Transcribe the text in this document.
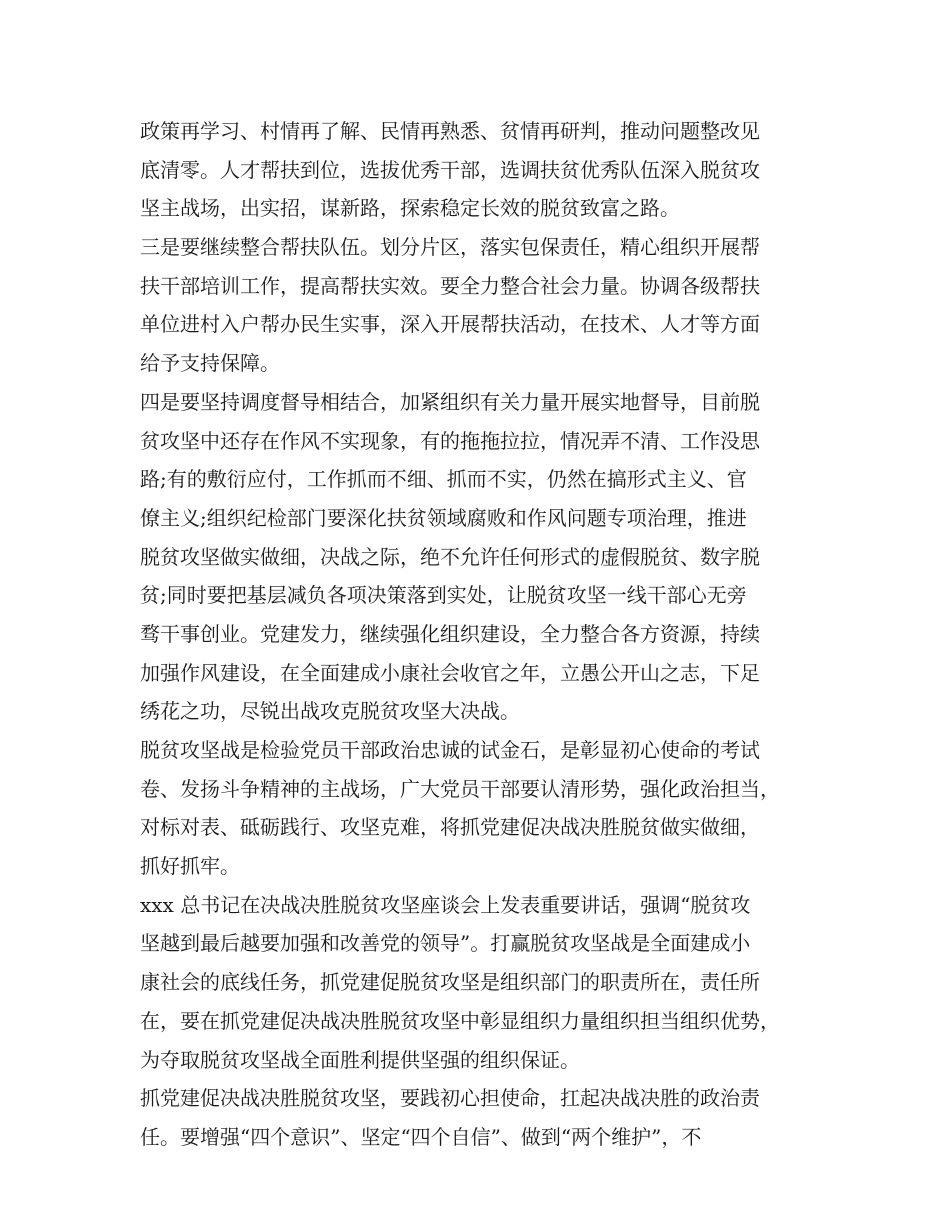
政策再学习、村情再了解、民情再熟悉、贫情再研判，推动问题整改见
底清零。人才帮扶到位，选拔优秀干部，选调扶贫优秀队伍深入脱贫攻
坚主战场，出实招，谋新路，探索稳定长效的脱贫致富之路。
三是要继续整合帮扶队伍。划分片区，落实包保责任，精心组织开展帮
扶干部培训工作，提高帮扶实效。要全力整合社会力量。协调各级帮扶
单位进村入户帮办民生实事，深入开展帮扶活动，在技术、人才等方面
给予支持保障。
四是要坚持调度督导相结合，加紧组织有关力量开展实地督导，目前脱
贫攻坚中还存在作风不实现象，有的拖拖拉拉，情况弄不清、工作没思
路;有的敷衍应付，工作抓而不细、抓而不实，仍然在搞形式主义、官
僚主义;组织纪检部门要深化扶贫领域腐败和作风问题专项治理，推进
脱贫攻坚做实做细，决战之际，绝不允许任何形式的虚假脱贫、数字脱
贫;同时要把基层减负各项决策落到实处，让脱贫攻坚一线干部心无旁
骛干事创业。党建发力，继续强化组织建设，全力整合各方资源，持续
加强作风建设，在全面建成小康社会收官之年，立愚公开山之志，下足
绣花之功，尽锐出战攻克脱贫攻坚大决战。
脱贫攻坚战是检验党员干部政治忠诚的试金石，是彰显初心使命的考试
卷、发扬斗争精神的主战场，广大党员干部要认清形势，强化政治担当，
对标对表、砥砺践行、攻坚克难，将抓党建促决战决胜脱贫做实做细，
抓好抓牢。
xxx 总书记在决战决胜脱贫攻坚座谈会上发表重要讲话，强调“脱贫攻
坚越到最后越要加强和改善党的领导”。打赢脱贫攻坚战是全面建成小
康社会的底线任务，抓党建促脱贫攻坚是组织部门的职责所在，责任所
在，要在抓党建促决战决胜脱贫攻坚中彰显组织力量组织担当组织优势，
为夺取脱贫攻坚战全面胜利提供坚强的组织保证。
抓党建促决战决胜脱贫攻坚，要践初心担使命，扛起决战决胜的政治责
任。要增强“四个意识”、坚定“四个自信”、做到“两个维护”，不
